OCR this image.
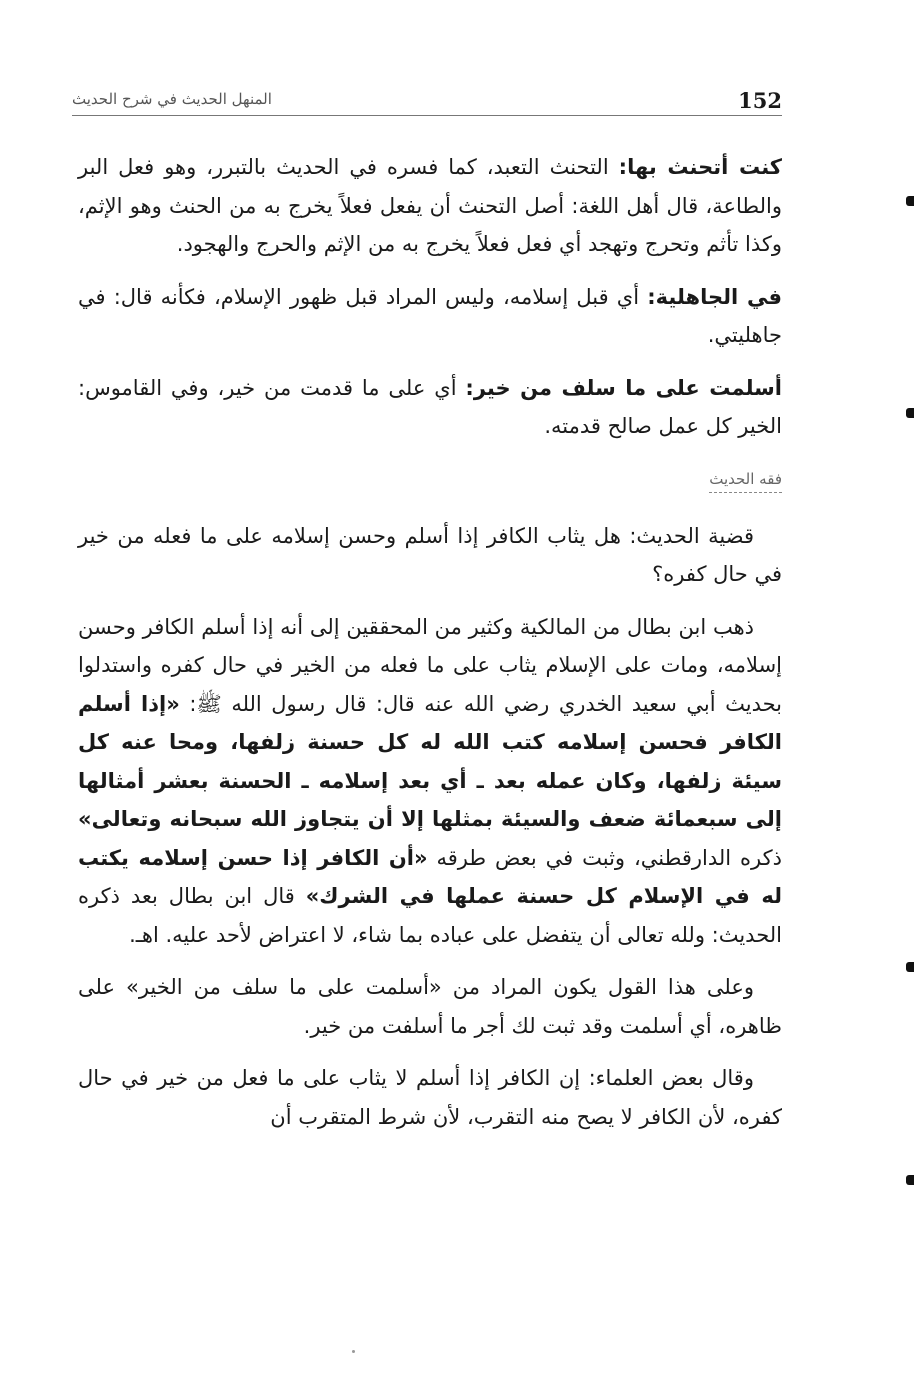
152
المنهل الحديث في شرح الحديث

كنت أتحنث بها: التحنث التعبد، كما فسره في الحديث بالتبرر، وهو فعل البر والطاعة، قال أهل اللغة: أصل التحنث أن يفعل فعلاً يخرج به من الحنث وهو الإثم، وكذا تأثم وتحرج وتهجد أي فعل فعلاً يخرج به من الإثم والحرج والهجود.

في الجاهلية: أي قبل إسلامه، وليس المراد قبل ظهور الإسلام، فكأنه قال: في جاهليتي.

أسلمت على ما سلف من خير: أي على ما قدمت من خير، وفي القاموس: الخير كل عمل صالح قدمته.

فقه الحديث

قضية الحديث: هل يثاب الكافر إذا أسلم وحسن إسلامه على ما فعله من خير في حال كفره؟

ذهب ابن بطال من المالكية وكثير من المحققين إلى أنه إذا أسلم الكافر وحسن إسلامه، ومات على الإسلام يثاب على ما فعله من الخير في حال كفره واستدلوا بحديث أبي سعيد الخدري رضي الله عنه قال: قال رسول الله ﷺ: «إذا أسلم الكافر فحسن إسلامه كتب الله له كل حسنة زلفها، ومحا عنه كل سيئة زلفها، وكان عمله بعد ـ أي بعد إسلامه ـ الحسنة بعشر أمثالها إلى سبعمائة ضعف والسيئة بمثلها إلا أن يتجاوز الله سبحانه وتعالى» ذكره الدارقطني، وثبت في بعض طرقه «أن الكافر إذا حسن إسلامه يكتب له في الإسلام كل حسنة عملها في الشرك» قال ابن بطال بعد ذكره الحديث: ولله تعالى أن يتفضل على عباده بما شاء، لا اعتراض لأحد عليه. اهـ.

وعلى هذا القول يكون المراد من «أسلمت على ما سلف من الخير» على ظاهره، أي أسلمت وقد ثبت لك أجر ما أسلفت من خير.

وقال بعض العلماء: إن الكافر إذا أسلم لا يثاب على ما فعل من خير في حال كفره، لأن الكافر لا يصح منه التقرب، لأن شرط المتقرب أن
